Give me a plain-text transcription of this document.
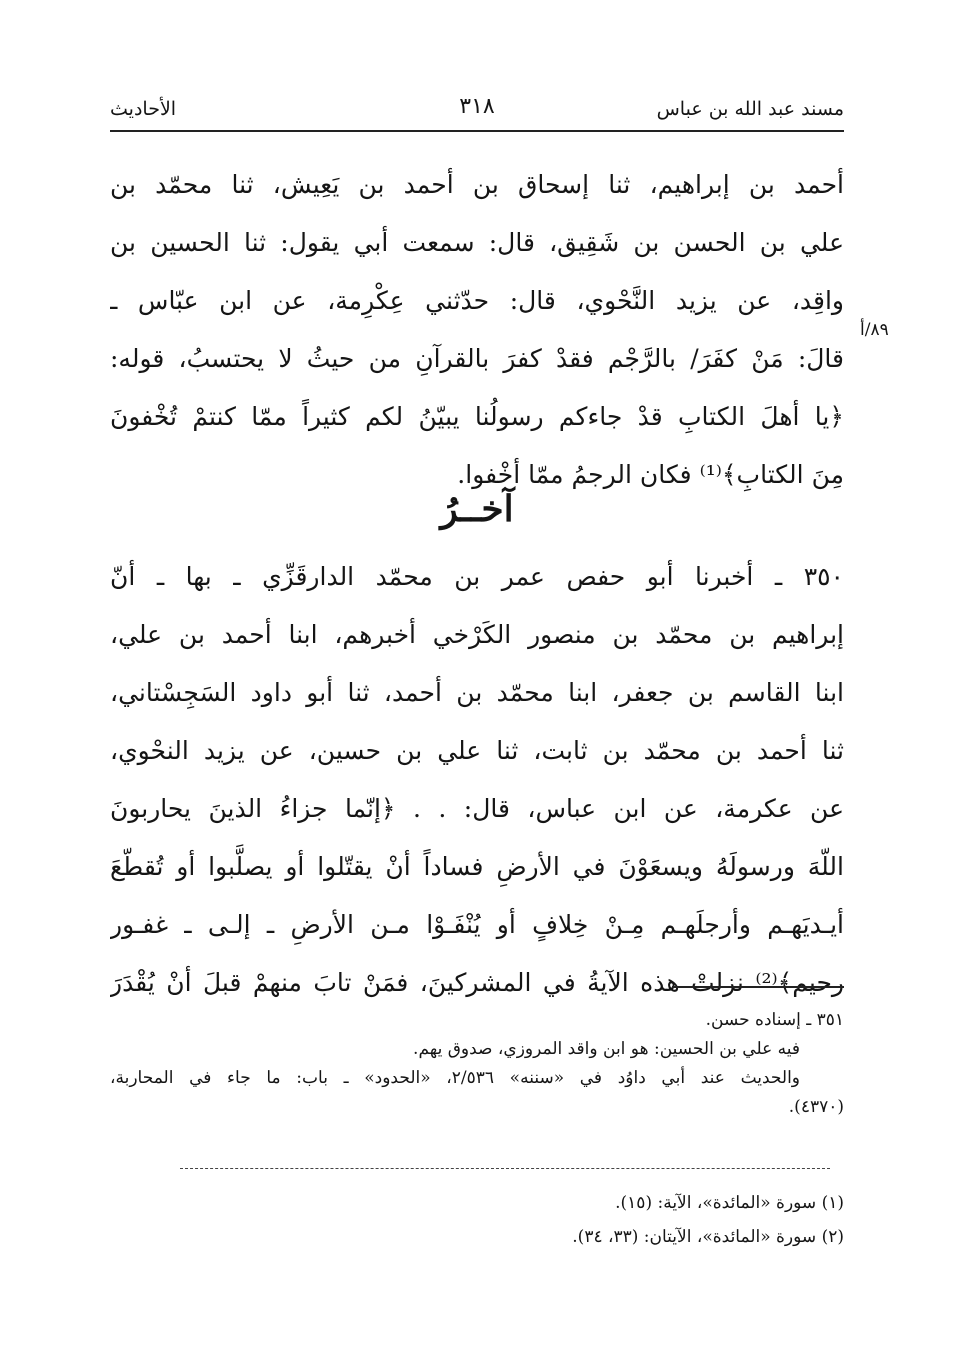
مسند عبد الله بن عباس
٣١٨
الأحاديث
٨٩/أ
أحمد بن إبراهيم، ثنا إسحاق بن أحمد بن يَعِيش، ثنا محمّد بن
علي بن الحسن بن شَقِيق، قال: سمعت أبي يقول: ثنا الحسين بن
واقِد، عن يزيد النَّحْوي، قال: حدّثني عِكْرِمة، عن ابن عبّاس ـ
قالَ: مَنْ كفَرَ/ بالرَّجْم فقدْ كفرَ بالقرآنِ من حيثُ لا يحتسبُ، قوله:
﴿يا أهلَ الكتابِ قدْ جاءكم رسولُنا يبيّنُ لكم كثيراً ممّا كنتمْ تُخْفونَ
مِنَ الكتابِ﴾⁽¹⁾ فكان الرجمُ ممّا أخْفوا.
آخــرُ
٣٥٠ ـ أخبرنا أبو حفص عمر بن محمّد الدارقَزِّي ـ بها ـ أنّ
إبراهيم بن محمّد بن منصور الكَرْخي أخبرهم، ابنا أحمد بن علي،
ابنا القاسم بن جعفر، ابنا محمّد بن أحمد، ثنا أبو داود السَجِسْتاني،
ثنا أحمد بن محمّد بن ثابت، ثنا علي بن حسين، عن يزيد النحْوي،
عن عكرمة، عن ابن عباس، قال: . . ﴿إنّما جزاءُ الذينَ يحاربونَ
اللّهَ ورسولَهُ ويسعَوْنَ في الأرضِ فساداً أنْ يقتّلوا أو يصلَّبوا أو تُقطّعَ
أيـديَهـم وأرجلَهـم مِـنْ خِلافٍ أو يُنْفَـوْا مـن الأرضِ ـ إلـى ـ غفـور
رحيم﴾⁽²⁾ نزلتْ هذه الآيةُ في المشركينَ، فمَنْ تابَ منهمْ قبلَ أنْ يُقْدَرَ
٣٥١ ـ إسناده حسن.
فيه علي بن الحسين: هو ابن واقد المروزي، صدوق يهم.
والحديث عند أبي داوُد في «سننه» ٢/٥٣٦، «الحدود» ـ باب: ما جاء في المحاربة،
(٤٣٧٠).
(١) سورة «المائدة»، الآية: (١٥).
(٢) سورة «المائدة»، الآيتان: (٣٣، ٣٤).
